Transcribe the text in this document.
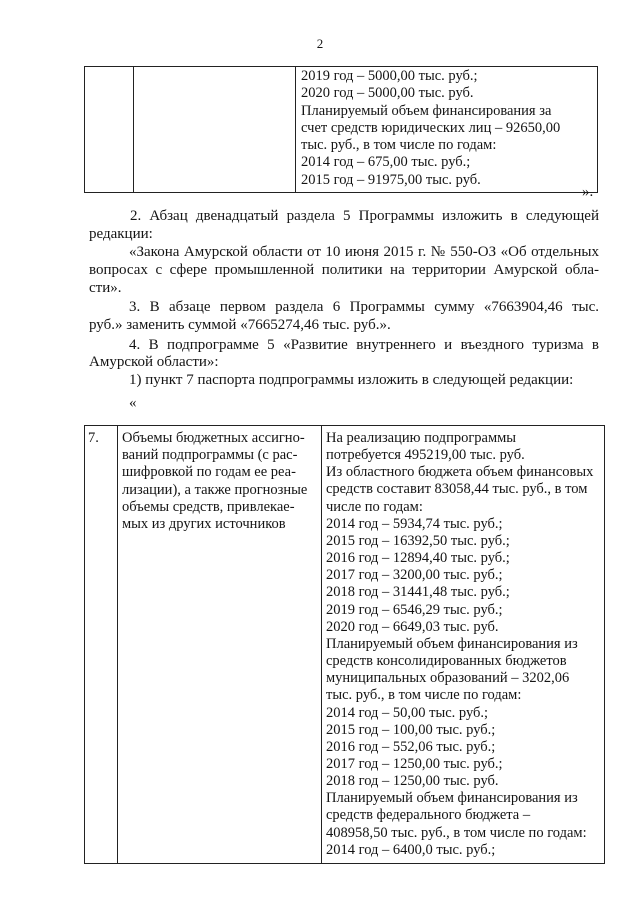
2

2019 год – 5000,00 тыс. руб.;
2020 год – 5000,00 тыс. руб.
Планируемый объем финансирования за
счет средств юридических лиц – 92650,00
тыс. руб., в том числе по годам:
2014 год – 675,00 тыс. руб.;
2015 год – 91975,00 тыс. руб.
».
2. Абзац двенадцатый раздела 5 Программы изложить в следующей
редакции:
«Закона Амурской области от 10 июня 2015 г. № 550-ОЗ «Об отдельных
вопросах с сфере промышленной политики на территории Амурской обла-
сти».
3. В абзаце первом раздела 6 Программы сумму «7663904,46 тыс.
руб.» заменить суммой «7665274,46 тыс. руб.».
4. В подпрограмме 5 «Развитие внутреннего и въездного туризма в
Амурской области»:
1) пункт 7 паспорта подпрограммы изложить в следующей редакции:
«
7.	Объемы бюджетных ассигно-
ваний подпрограммы (с рас-
шифровкой по годам ее реа-
лизации), а также прогнозные
объемы средств, привлекае-
мых из других источников

На реализацию подпрограммы
потребуется 495219,00 тыс. руб.
Из областного бюджета объем финансовых
средств составит 83058,44 тыс. руб., в том
числе по годам:
2014 год – 5934,74 тыс. руб.;
2015 год – 16392,50 тыс. руб.;
2016 год – 12894,40 тыс. руб.;
2017 год – 3200,00 тыс. руб.;
2018 год – 31441,48 тыс. руб.;
2019 год – 6546,29 тыс. руб.;
2020 год – 6649,03 тыс. руб.
Планируемый объем финансирования из
средств консолидированных бюджетов
муниципальных образований – 3202,06
тыс. руб., в том числе по годам:
2014 год – 50,00 тыс. руб.;
2015 год – 100,00 тыс. руб.;
2016 год – 552,06 тыс. руб.;
2017 год – 1250,00 тыс. руб.;
2018 год – 1250,00 тыс. руб.
Планируемый объем финансирования из
средств федерального бюджета –
408958,50 тыс. руб., в том числе по годам:
2014 год – 6400,0 тыс. руб.;
